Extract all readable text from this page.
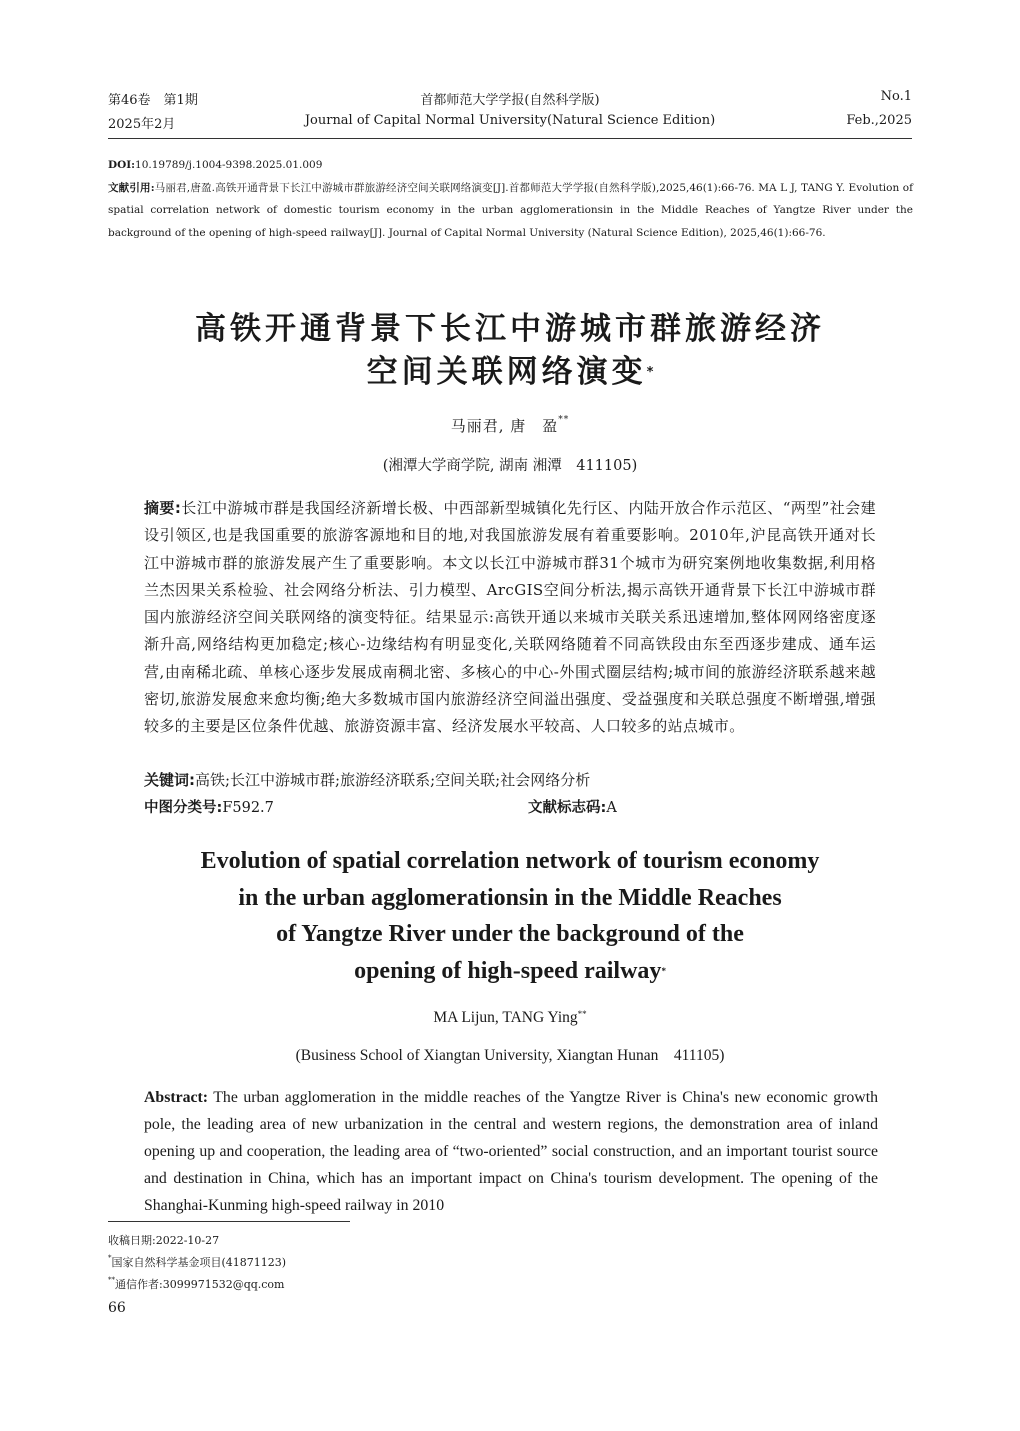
第46卷　第1期	首都师范大学学报(自然科学版)	No.1
2025年2月	Journal of Capital Normal University(Natural Science Edition)	Feb.,2025
DOI:10.19789/j.1004-9398.2025.01.009
文献引用:马丽君,唐盈.高铁开通背景下长江中游城市群旅游经济空间关联网络演变[J].首都师范大学学报(自然科学版),2025,46(1):66-76. MA L J, TANG Y. Evolution of spatial correlation network of domestic tourism economy in the urban agglomerationsin in the Middle Reaches of Yangtze River under the background of the opening of high-speed railway[J]. Journal of Capital Normal University (Natural Science Edition), 2025,46(1):66-76.
高铁开通背景下长江中游城市群旅游经济
空间关联网络演变*
马丽君, 唐　盈**
(湘潭大学商学院, 湖南 湘潭　411105)
摘要:长江中游城市群是我国经济新增长极、中西部新型城镇化先行区、内陆开放合作示范区、“两型”社会建设引领区,也是我国重要的旅游客源地和目的地,对我国旅游发展有着重要影响。2010年,沪昆高铁开通对长江中游城市群的旅游发展产生了重要影响。本文以长江中游城市群31个城市为研究案例地收集数据,利用格兰杰因果关系检验、社会网络分析法、引力模型、ArcGIS空间分析法,揭示高铁开通背景下长江中游城市群国内旅游经济空间关联网络的演变特征。结果显示:高铁开通以来城市关联关系迅速增加,整体网网络密度逐渐升高,网络结构更加稳定;核心-边缘结构有明显变化,关联网络随着不同高铁段由东至西逐步建成、通车运营,由南稀北疏、单核心逐步发展成南稠北密、多核心的中心-外围式圈层结构;城市间的旅游经济联系越来越密切,旅游发展愈来愈均衡;绝大多数城市国内旅游经济空间溢出强度、受益强度和关联总强度不断增强,增强较多的主要是区位条件优越、旅游资源丰富、经济发展水平较高、人口较多的站点城市。
关键词:高铁;长江中游城市群;旅游经济联系;空间关联;社会网络分析
中图分类号:F592.7	文献标志码:A
Evolution of spatial correlation network of tourism economy
in the urban agglomerationsin in the Middle Reaches
of Yangtze River under the background of the
opening of high-speed railway*
MA Lijun, TANG Ying**
(Business School of Xiangtan University, Xiangtan Hunan　411105)
Abstract: The urban agglomeration in the middle reaches of the Yangtze River is China's new economic growth pole, the leading area of new urbanization in the central and western regions, the demonstration area of inland opening up and cooperation, the leading area of “two-oriented” social construction, and an important tourist source and destination in China, which has an important impact on China's tourism development. The opening of the Shanghai-Kunming high-speed railway in 2010
收稿日期:2022-10-27
*国家自然科学基金项目(41871123)
**通信作者:3099971532@qq.com
66
